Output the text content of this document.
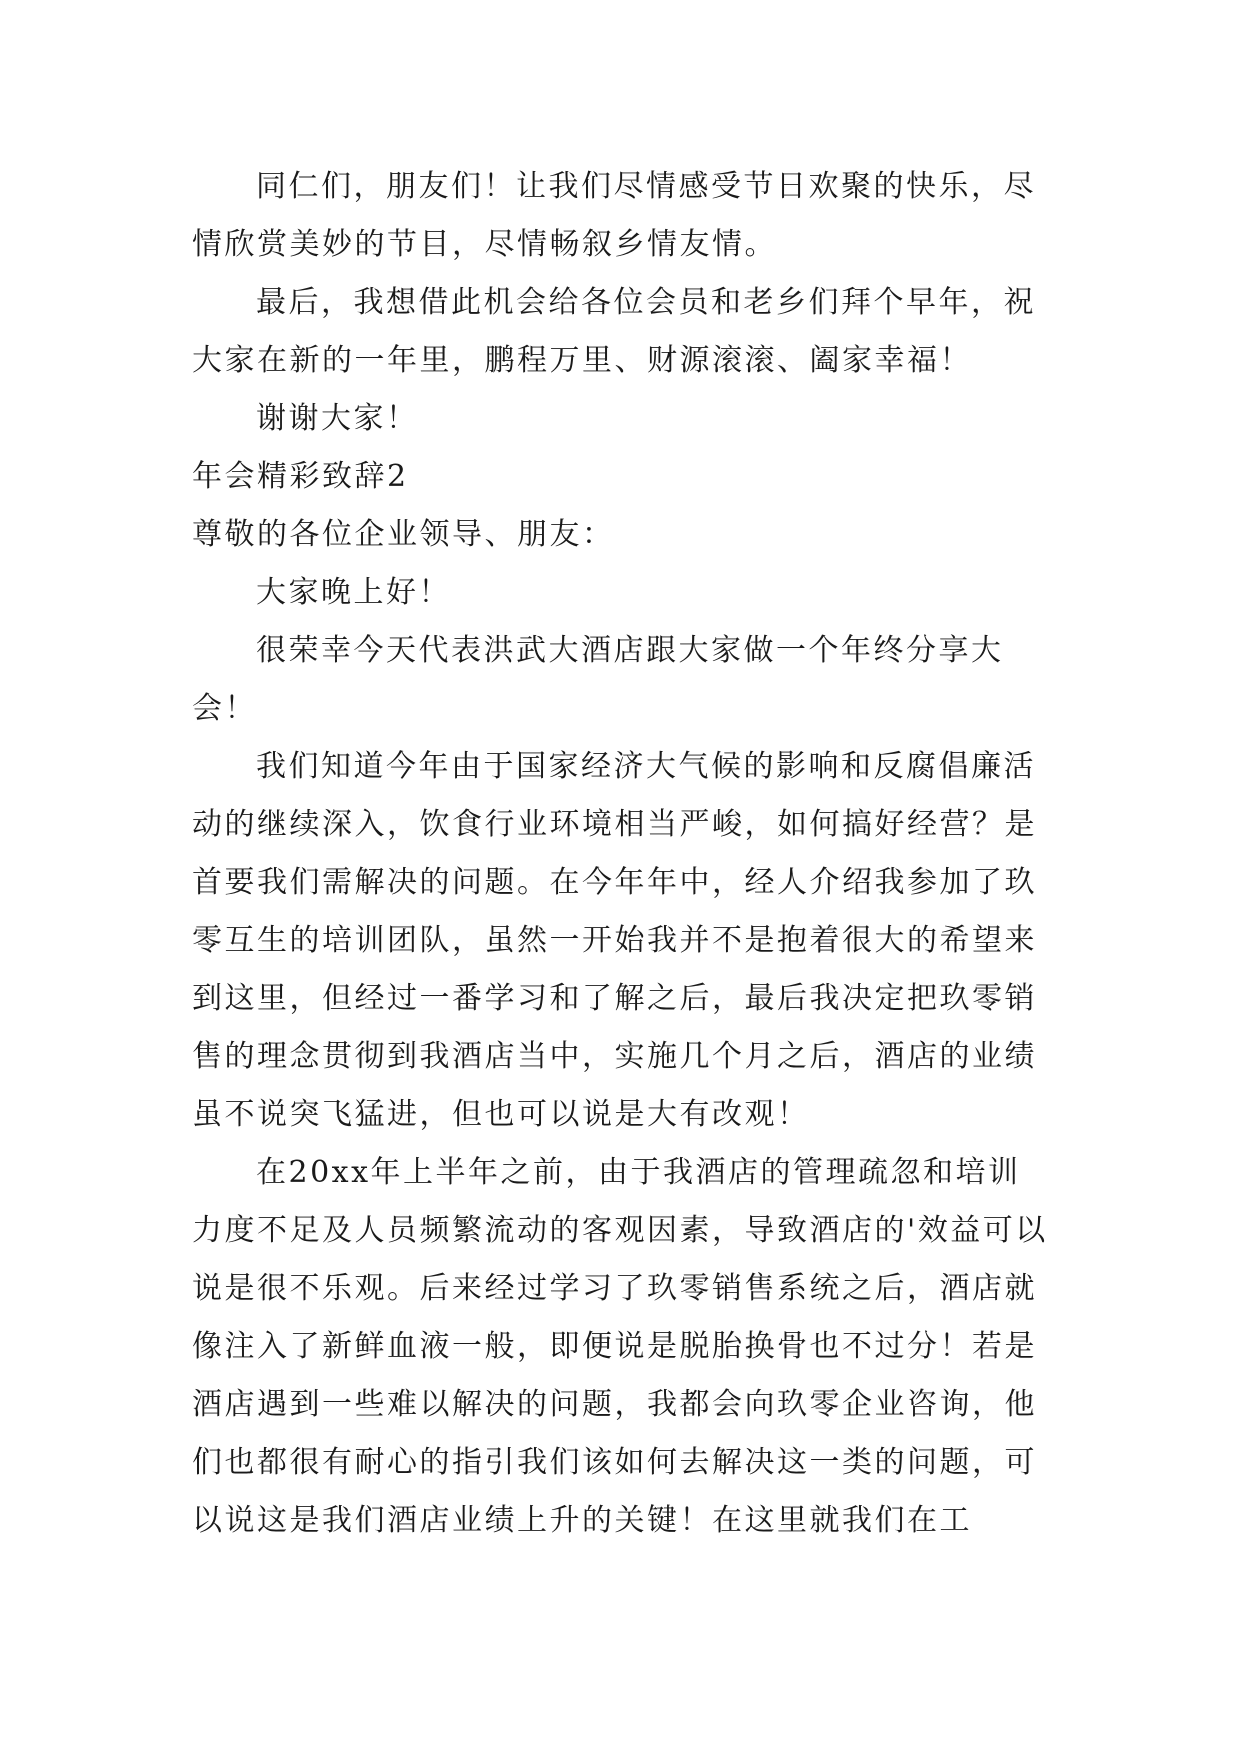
同仁们，朋友们！让我们尽情感受节日欢聚的快乐，尽情欣赏美妙的节目，尽情畅叙乡情友情。

最后，我想借此机会给各位会员和老乡们拜个早年，祝大家在新的一年里，鹏程万里、财源滚滚、阖家幸福！

谢谢大家！

年会精彩致辞2

尊敬的各位企业领导、朋友：

大家晚上好！

很荣幸今天代表洪武大酒店跟大家做一个年终分享大会！

我们知道今年由于国家经济大气候的影响和反腐倡廉活动的继续深入，饮食行业环境相当严峻，如何搞好经营？是首要我们需解决的问题。在今年年中，经人介绍我参加了玖零互生的培训团队，虽然一开始我并不是抱着很大的希望来到这里，但经过一番学习和了解之后，最后我决定把玖零销售的理念贯彻到我酒店当中，实施几个月之后，酒店的业绩虽不说突飞猛进，但也可以说是大有改观！

在20xx年上半年之前，由于我酒店的管理疏忽和培训力度不足及人员频繁流动的客观因素，导致酒店的'效益可以说是很不乐观。后来经过学习了玖零销售系统之后，酒店就像注入了新鲜血液一般，即便说是脱胎换骨也不过分！若是酒店遇到一些难以解决的问题，我都会向玖零企业咨询，他们也都很有耐心的指引我们该如何去解决这一类的问题，可以说这是我们酒店业绩上升的关键！在这里就我们在工
